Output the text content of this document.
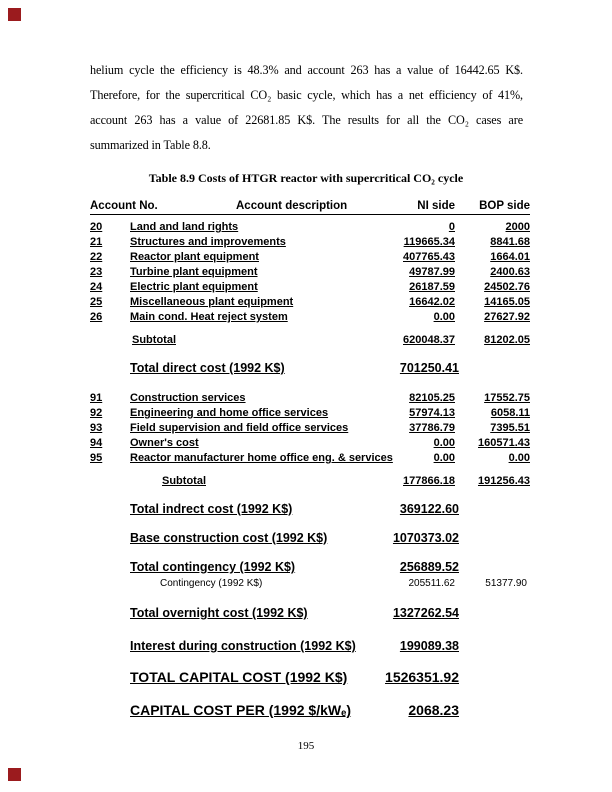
helium cycle the efficiency is 48.3% and account 263 has a value of 16442.65 K$.
Therefore, for the supercritical CO₂ basic cycle, which has a net efficiency of 41%,
account 263 has a value of 22681.85 K$. The results for all the CO₂ cases are
summarized in Table 8.8.
Table 8.9 Costs of HTGR reactor with supercritical CO₂ cycle
Account No.	Account description	NI side BOP side
20	Land and land rights	0	2000
21	Structures and improvements	119665.34	8841.68
22	Reactor plant equipment	407765.43	1664.01
23	Turbine plant equipment	49787.99	2400.63
24	Electric plant equipment	26187.59	24502.76
25	Miscellaneous plant equipment	16642.02	14165.05
26	Main cond. Heat reject system	0.00	27627.92
Subtotal	620048.37	81202.05
Total direct cost (1992 K$)	701250.41
91	Construction services	82105.25	17552.75
92	Engineering and home office services	57974.13	6058.11
93	Field supervision and field office services	37786.79	7395.51
94	Owner's cost	0.00	160571.43
95	Reactor manufacturer home office eng. & services	0.00	0.00
Subtotal	177866.18	191256.43
Total indrect cost (1992 K$)	369122.60
Base construction cost (1992 K$)	1070373.02
Total contingency (1992 K$)	256889.52
Contingency (1992 K$)	205511.62	51377.90
Total overnight cost (1992 K$)	1327262.54
Interest during construction (1992 K$)	199089.38
TOTAL CAPITAL COST (1992 K$)	1526351.92
CAPITAL COST PER (1992 $/kWₑ)	2068.23
195
